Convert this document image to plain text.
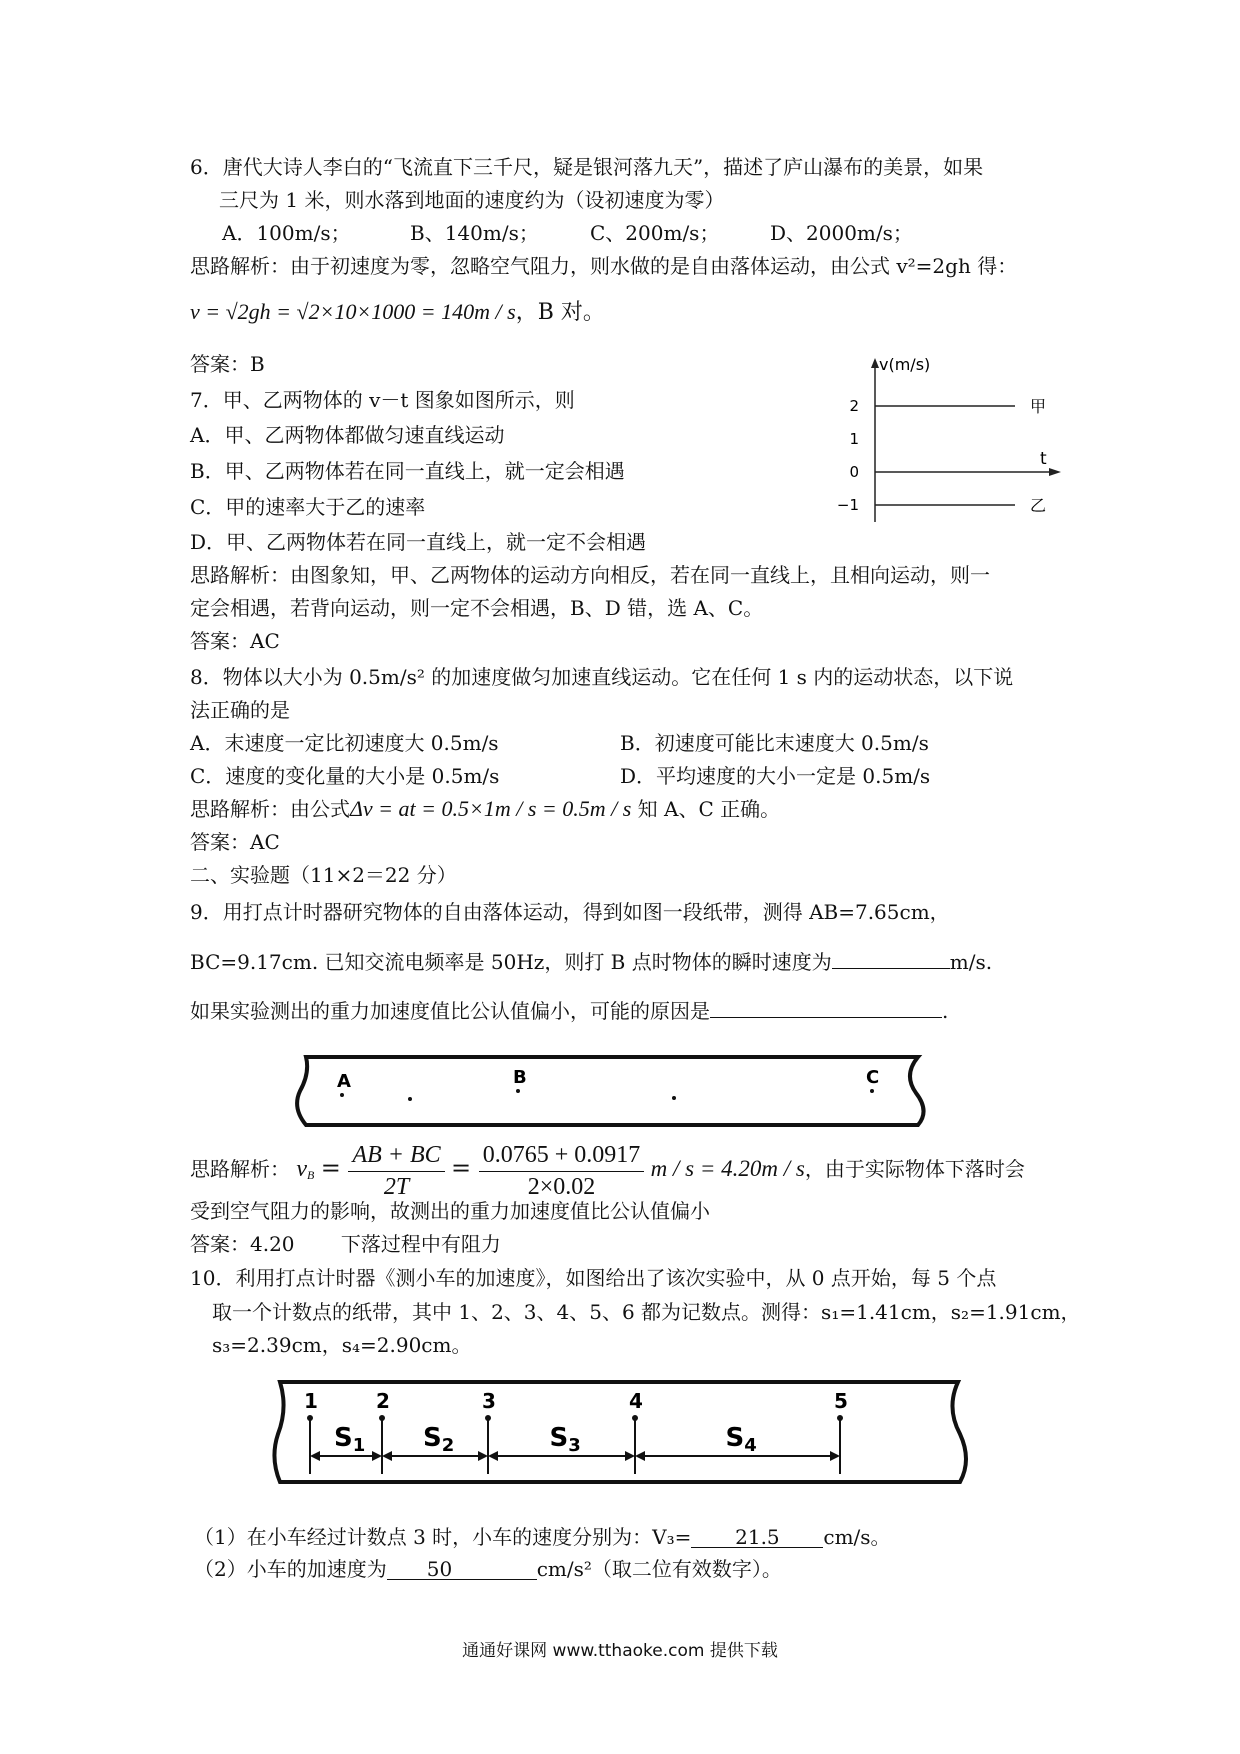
6．唐代大诗人李白的“飞流直下三千尺，疑是银河落九天”，描述了庐山瀑布的美景，如果
三尺为 1 米，则水落到地面的速度约为（设初速度为零）
A．100m/s；	B、140m/s；	C、200m/s；	D、2000m/s；
思路解析：由于初速度为零，忽略空气阻力，则水做的是自由落体运动，由公式 v²=2gh 得：
v = √2gh = √2×10×1000 = 140m / s，B 对。
答案：B
7．甲、乙两物体的 v－t 图象如图所示，则
A．甲、乙两物体都做匀速直线运动
B．甲、乙两物体若在同一直线上，就一定会相遇
C．甲的速率大于乙的速率
D．甲、乙两物体若在同一直线上，就一定不会相遇
思路解析：由图象知，甲、乙两物体的运动方向相反，若在同一直线上，且相向运动，则一
定会相遇，若背向运动，则一定不会相遇，B、D 错，选 A、C。
答案：AC
v(m/s)
t
2
1
0
−1
甲
乙
8．物体以大小为 0.5m/s² 的加速度做匀加速直线运动。它在任何 1 s 内的运动状态，以下说
法正确的是
A．末速度一定比初速度大 0.5m/s	B．初速度可能比末速度大 0.5m/s
C．速度的变化量的大小是 0.5m/s	D．平均速度的大小一定是 0.5m/s
思路解析：由公式Δv = at = 0.5×1m / s = 0.5m / s 知 A、C 正确。
答案：AC
二、实验题（11×2＝22 分）
9．用打点计时器研究物体的自由落体运动，得到如图一段纸带，测得 AB=7.65cm，
BC=9.17cm. 已知交流电频率是 50Hz，则打 B 点时物体的瞬时速度为	m/s.
如果实验测出的重力加速度值比公认值偏小，可能的原因是	.
A	B	C
思路解析： $v_B = \frac{AB + BC}{2T} = \frac{0.0765 + 0.0917}{2\times 0.02}$ m / s = 4.20m / s，由于实际物体下落时会
受到空气阻力的影响，故测出的重力加速度值比公认值偏小
答案：4.20　　 下落过程中有阻力
10．利用打点计时器《测小车的加速度》，如图给出了该次实验中，从 0 点开始，每 5 个点
取一个计数点的纸带，其中 1、2、3、4、5、6 都为记数点。测得：s₁=1.41cm，s₂=1.91cm，
s₃=2.39cm，s₄=2.90cm。
1	2	3	4	5
S1 S2	S3	S4
（1）在小车经过计数点 3 时，小车的速度分别为：V₃= 21.5 cm/s。
（2）小车的加速度为 50	cm/s²（取二位有效数字）。
通通好课网 www.tthaoke.com 提供下载
